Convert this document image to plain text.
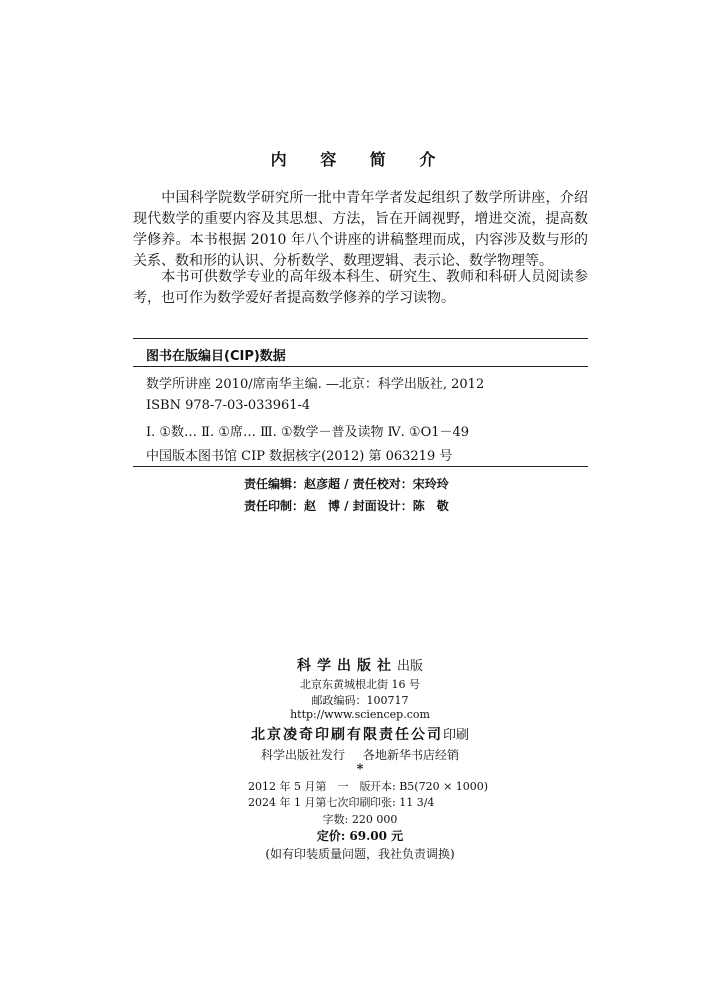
内 容 简 介
中国科学院数学研究所一批中青年学者发起组织了数学所讲座，介绍现代数学的重要内容及其思想、方法，旨在开阔视野，增进交流，提高数学修养。本书根据 2010 年八个讲座的讲稿整理而成，内容涉及数与形的关系、数和形的认识、分析数学、数理逻辑、表示论、数学物理等。
本书可供数学专业的高年级本科生、研究生、教师和科研人员阅读参考，也可作为数学爱好者提高数学修养的学习读物。
图书在版编目(CIP)数据
数学所讲座 2010/席南华主编. —北京：科学出版社, 2012
ISBN 978-7-03-033961-4
Ⅰ. ①数… Ⅱ. ①席… Ⅲ. ①数学－普及读物 Ⅳ. ①O1－49
中国版本图书馆 CIP 数据核字(2012) 第 063219 号
责任编辑：赵彦超 / 责任校对：宋玲玲
责任印制：赵　博 / 封面设计：陈　敬
科学出版社出版
北京东黄城根北街 16 号
邮政编码：100717
http://www.sciencep.com
北京凌奇印刷有限责任公司印刷
科学出版社发行 各地新华书店经销
*
2012 年 5 月第　一　版 开本: B5(720 × 1000)
2024 年 1 月第七次印刷 印张: 11 3/4
字数: 220 000
定价: 69.00 元
(如有印装质量问题，我社负责调换)
